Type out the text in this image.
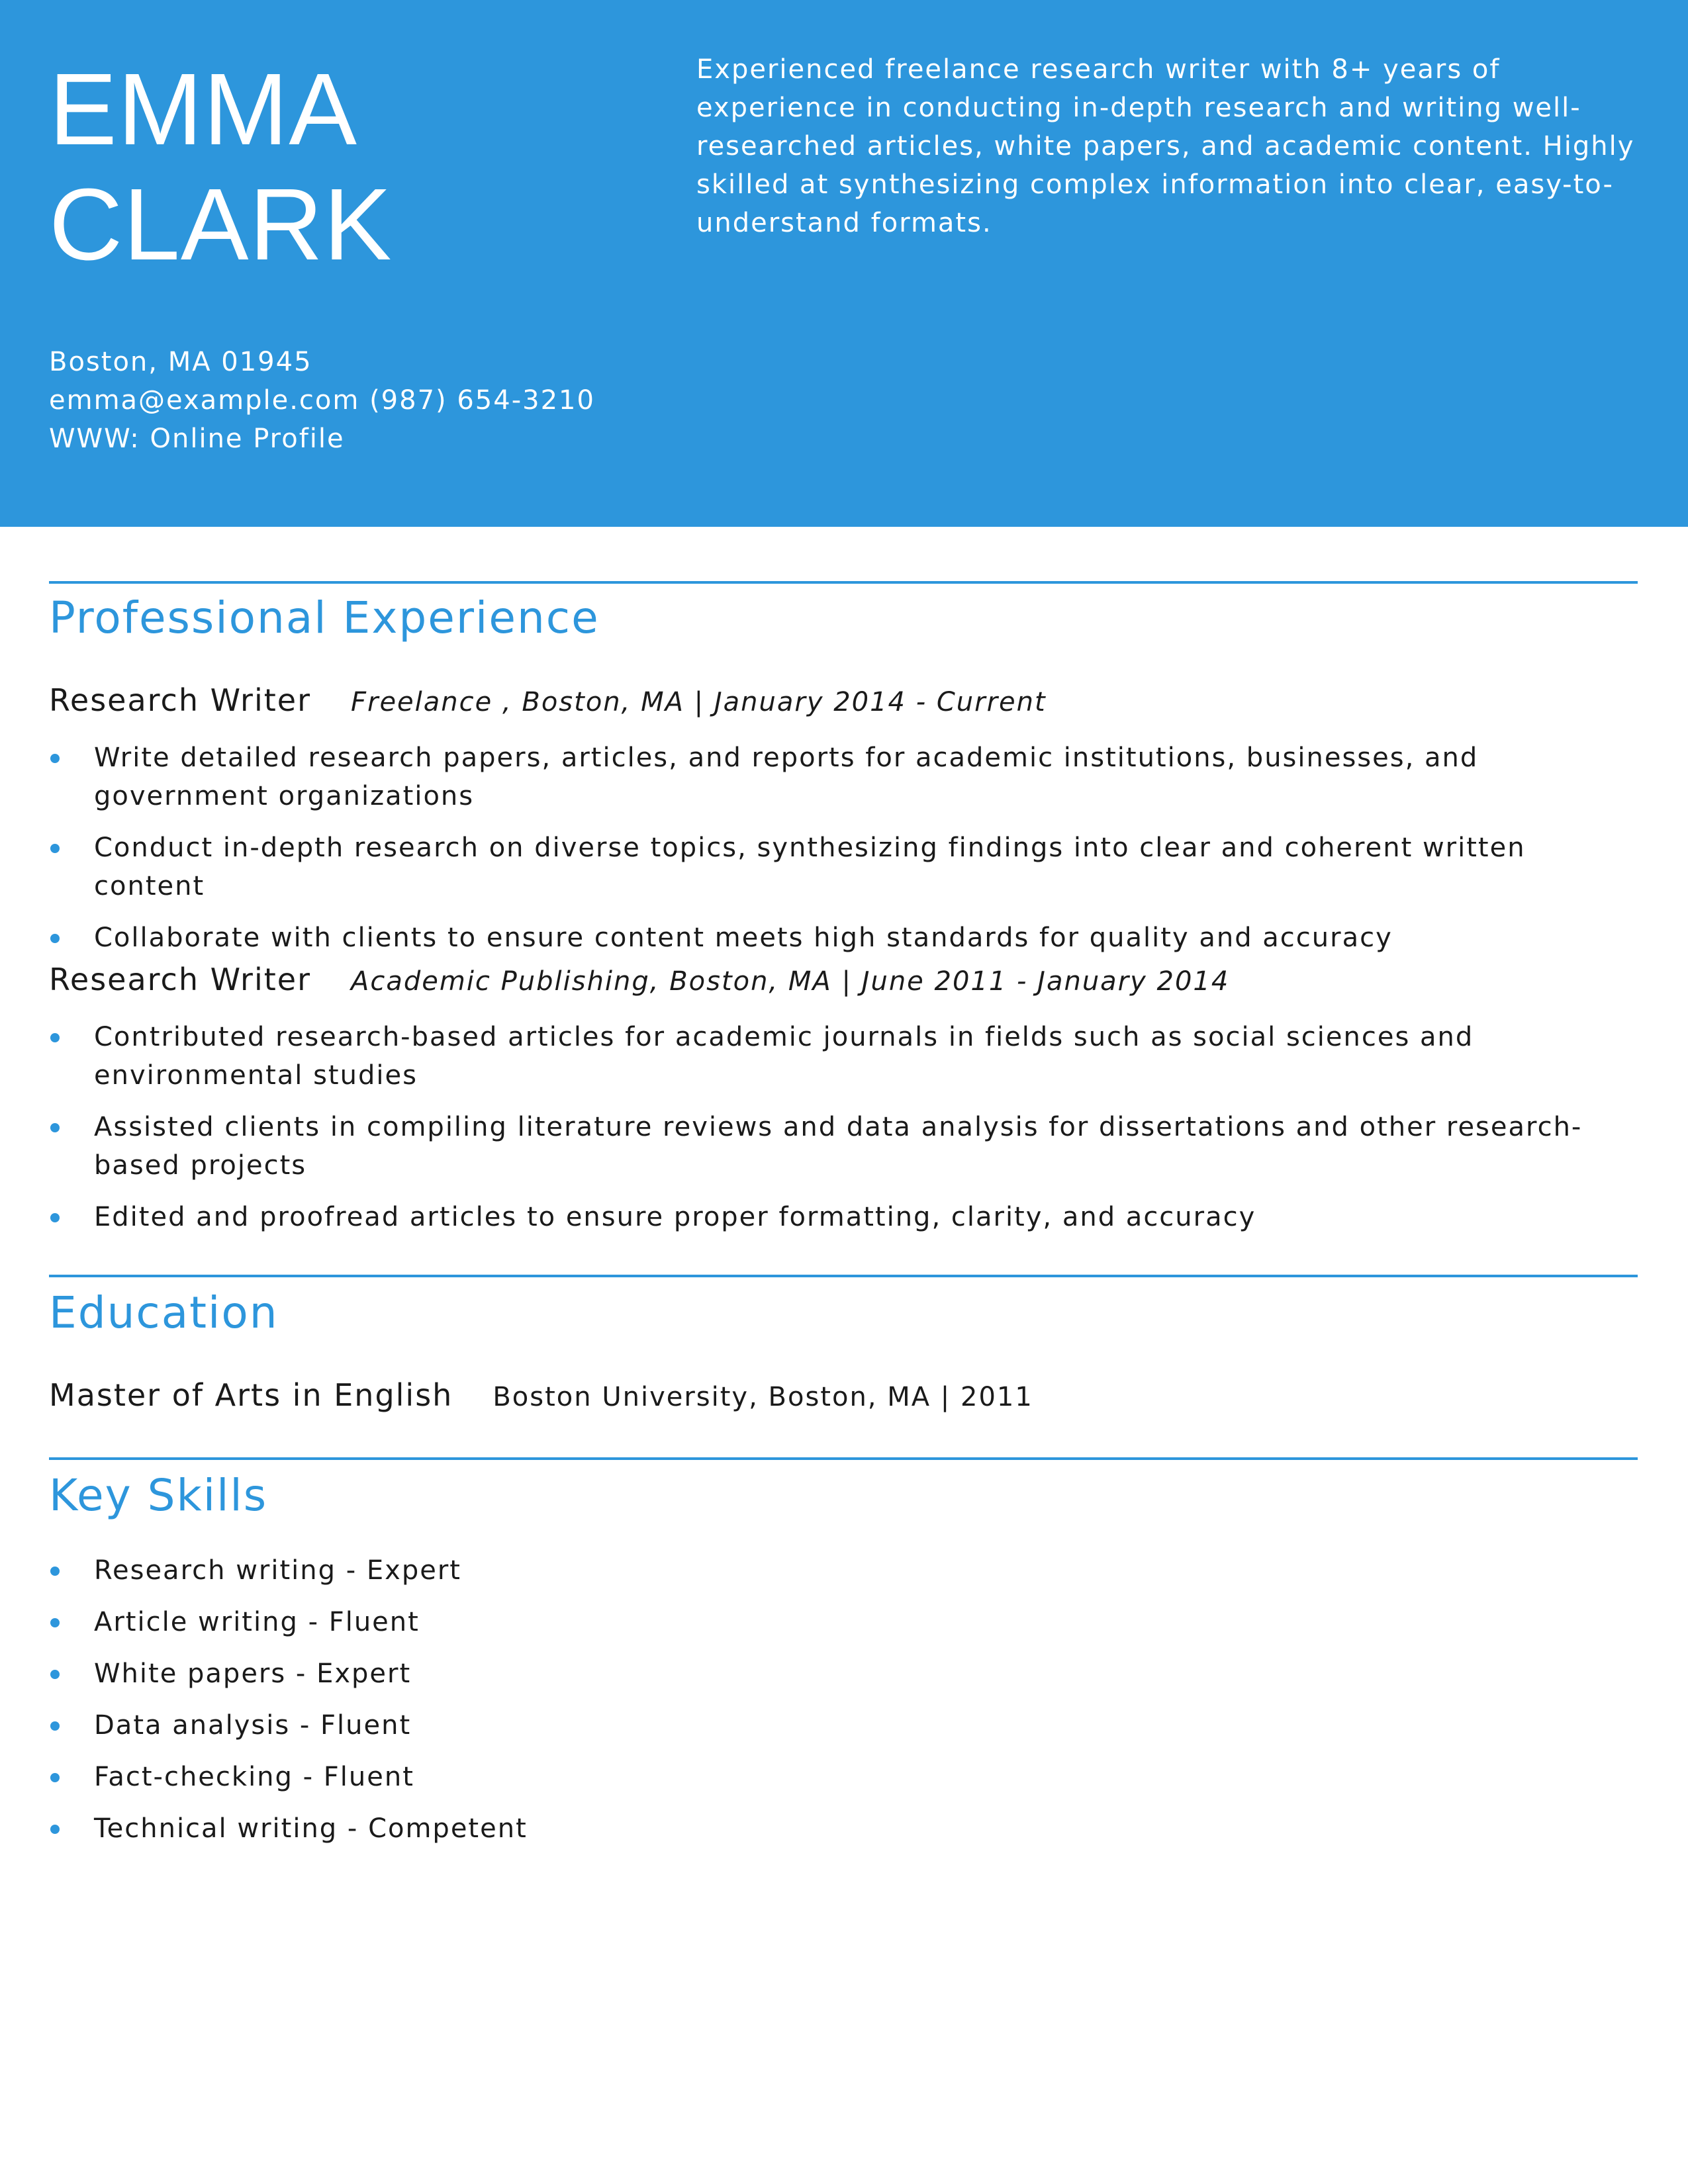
EMMA
CLARK

Experienced freelance research writer with 8+ years of experience in conducting in-depth research and writing well-researched articles, white papers, and academic content. Highly skilled at synthesizing complex information into clear, easy-to-understand formats.

Boston, MA 01945
emma@example.com (987) 654-3210
WWW: Online Profile
Professional Experience
Research Writer Freelance , Boston, MA | January 2014 - Current
Write detailed research papers, articles, and reports for academic institutions, businesses, and government organizations
Conduct in-depth research on diverse topics, synthesizing findings into clear and coherent written content
Collaborate with clients to ensure content meets high standards for quality and accuracy
Research Writer Academic Publishing, Boston, MA | June 2011 - January 2014
Contributed research-based articles for academic journals in fields such as social sciences and environmental studies
Assisted clients in compiling literature reviews and data analysis for dissertations and other research-based projects
Edited and proofread articles to ensure proper formatting, clarity, and accuracy
Education
Master of Arts in English Boston University, Boston, MA | 2011
Key Skills
Research writing - Expert
Article writing - Fluent
White papers - Expert
Data analysis - Fluent
Fact-checking - Fluent
Technical writing - Competent
